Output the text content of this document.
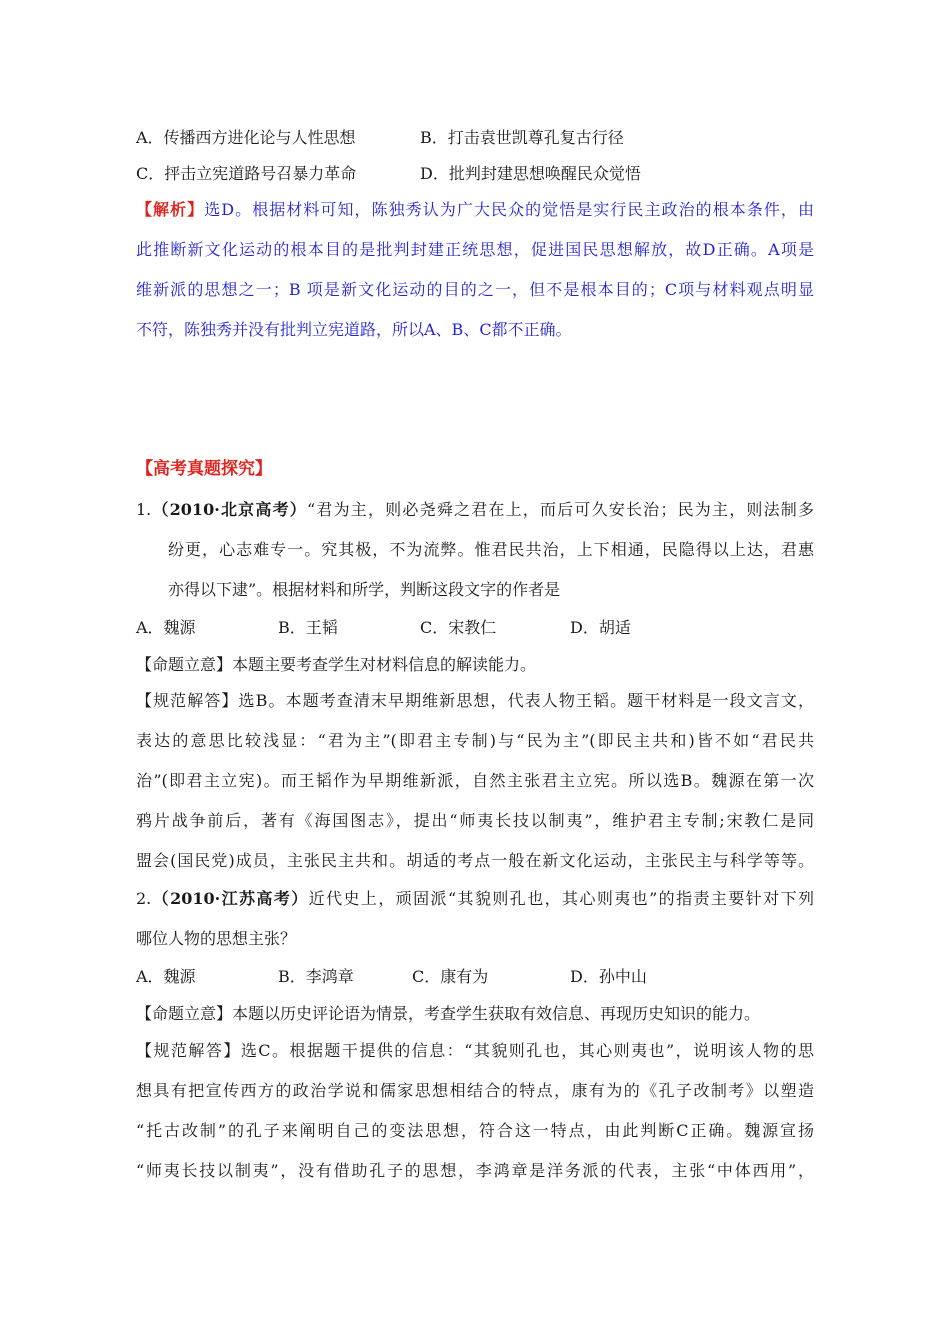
A．传播西方进化论与人性思想	B．打击袁世凯尊孔复古行径
C．抨击立宪道路号召暴力革命	D．批判封建思想唤醒民众觉悟
【解析】选D。根据材料可知，陈独秀认为广大民众的觉悟是实行民主政治的根本条件，由
此推断新文化运动的根本目的是批判封建正统思想，促进国民思想解放，故D正确。A项是
维新派的思想之一；B 项是新文化运动的目的之一，但不是根本目的；C项与材料观点明显
不符，陈独秀并没有批判立宪道路，所以A、B、C都不正确。
【高考真题探究】
1.（2010·北京高考）“君为主，则必尧舜之君在上，而后可久安长治；民为主，则法制多
纷更，心志难专一。究其极，不为流弊。惟君民共治，上下相通，民隐得以上达，君惠
亦得以下逮”。根据材料和所学，判断这段文字的作者是
A．魏源	B．王韬	C．宋教仁	D．胡适
【命题立意】本题主要考查学生对材料信息的解读能力。
【规范解答】选B。本题考查清末早期维新思想，代表人物王韬。题干材料是一段文言文，
表达的意思比较浅显：“君为主”(即君主专制)与“民为主”(即民主共和)皆不如“君民共
治”(即君主立宪)。而王韬作为早期维新派，自然主张君主立宪。所以选B。魏源在第一次
鸦片战争前后，著有《海国图志》，提出“师夷长技以制夷”，维护君主专制;宋教仁是同
盟会(国民党)成员，主张民主共和。胡适的考点一般在新文化运动，主张民主与科学等等。
2.（2010·江苏高考）近代史上，顽固派“其貌则孔也，其心则夷也”的指责主要针对下列
哪位人物的思想主张？
A．魏源	B．李鸿章	C．康有为	D．孙中山
【命题立意】本题以历史评论语为情景，考查学生获取有效信息、再现历史知识的能力。
【规范解答】选C。根据题干提供的信息：“其貌则孔也，其心则夷也”，说明该人物的思
想具有把宣传西方的政治学说和儒家思想相结合的特点，康有为的《孔子改制考》以塑造
“托古改制”的孔子来阐明自己的变法思想，符合这一特点，由此判断C正确。魏源宣扬
“师夷长技以制夷”，没有借助孔子的思想，李鸿章是洋务派的代表，主张“中体西用”，
